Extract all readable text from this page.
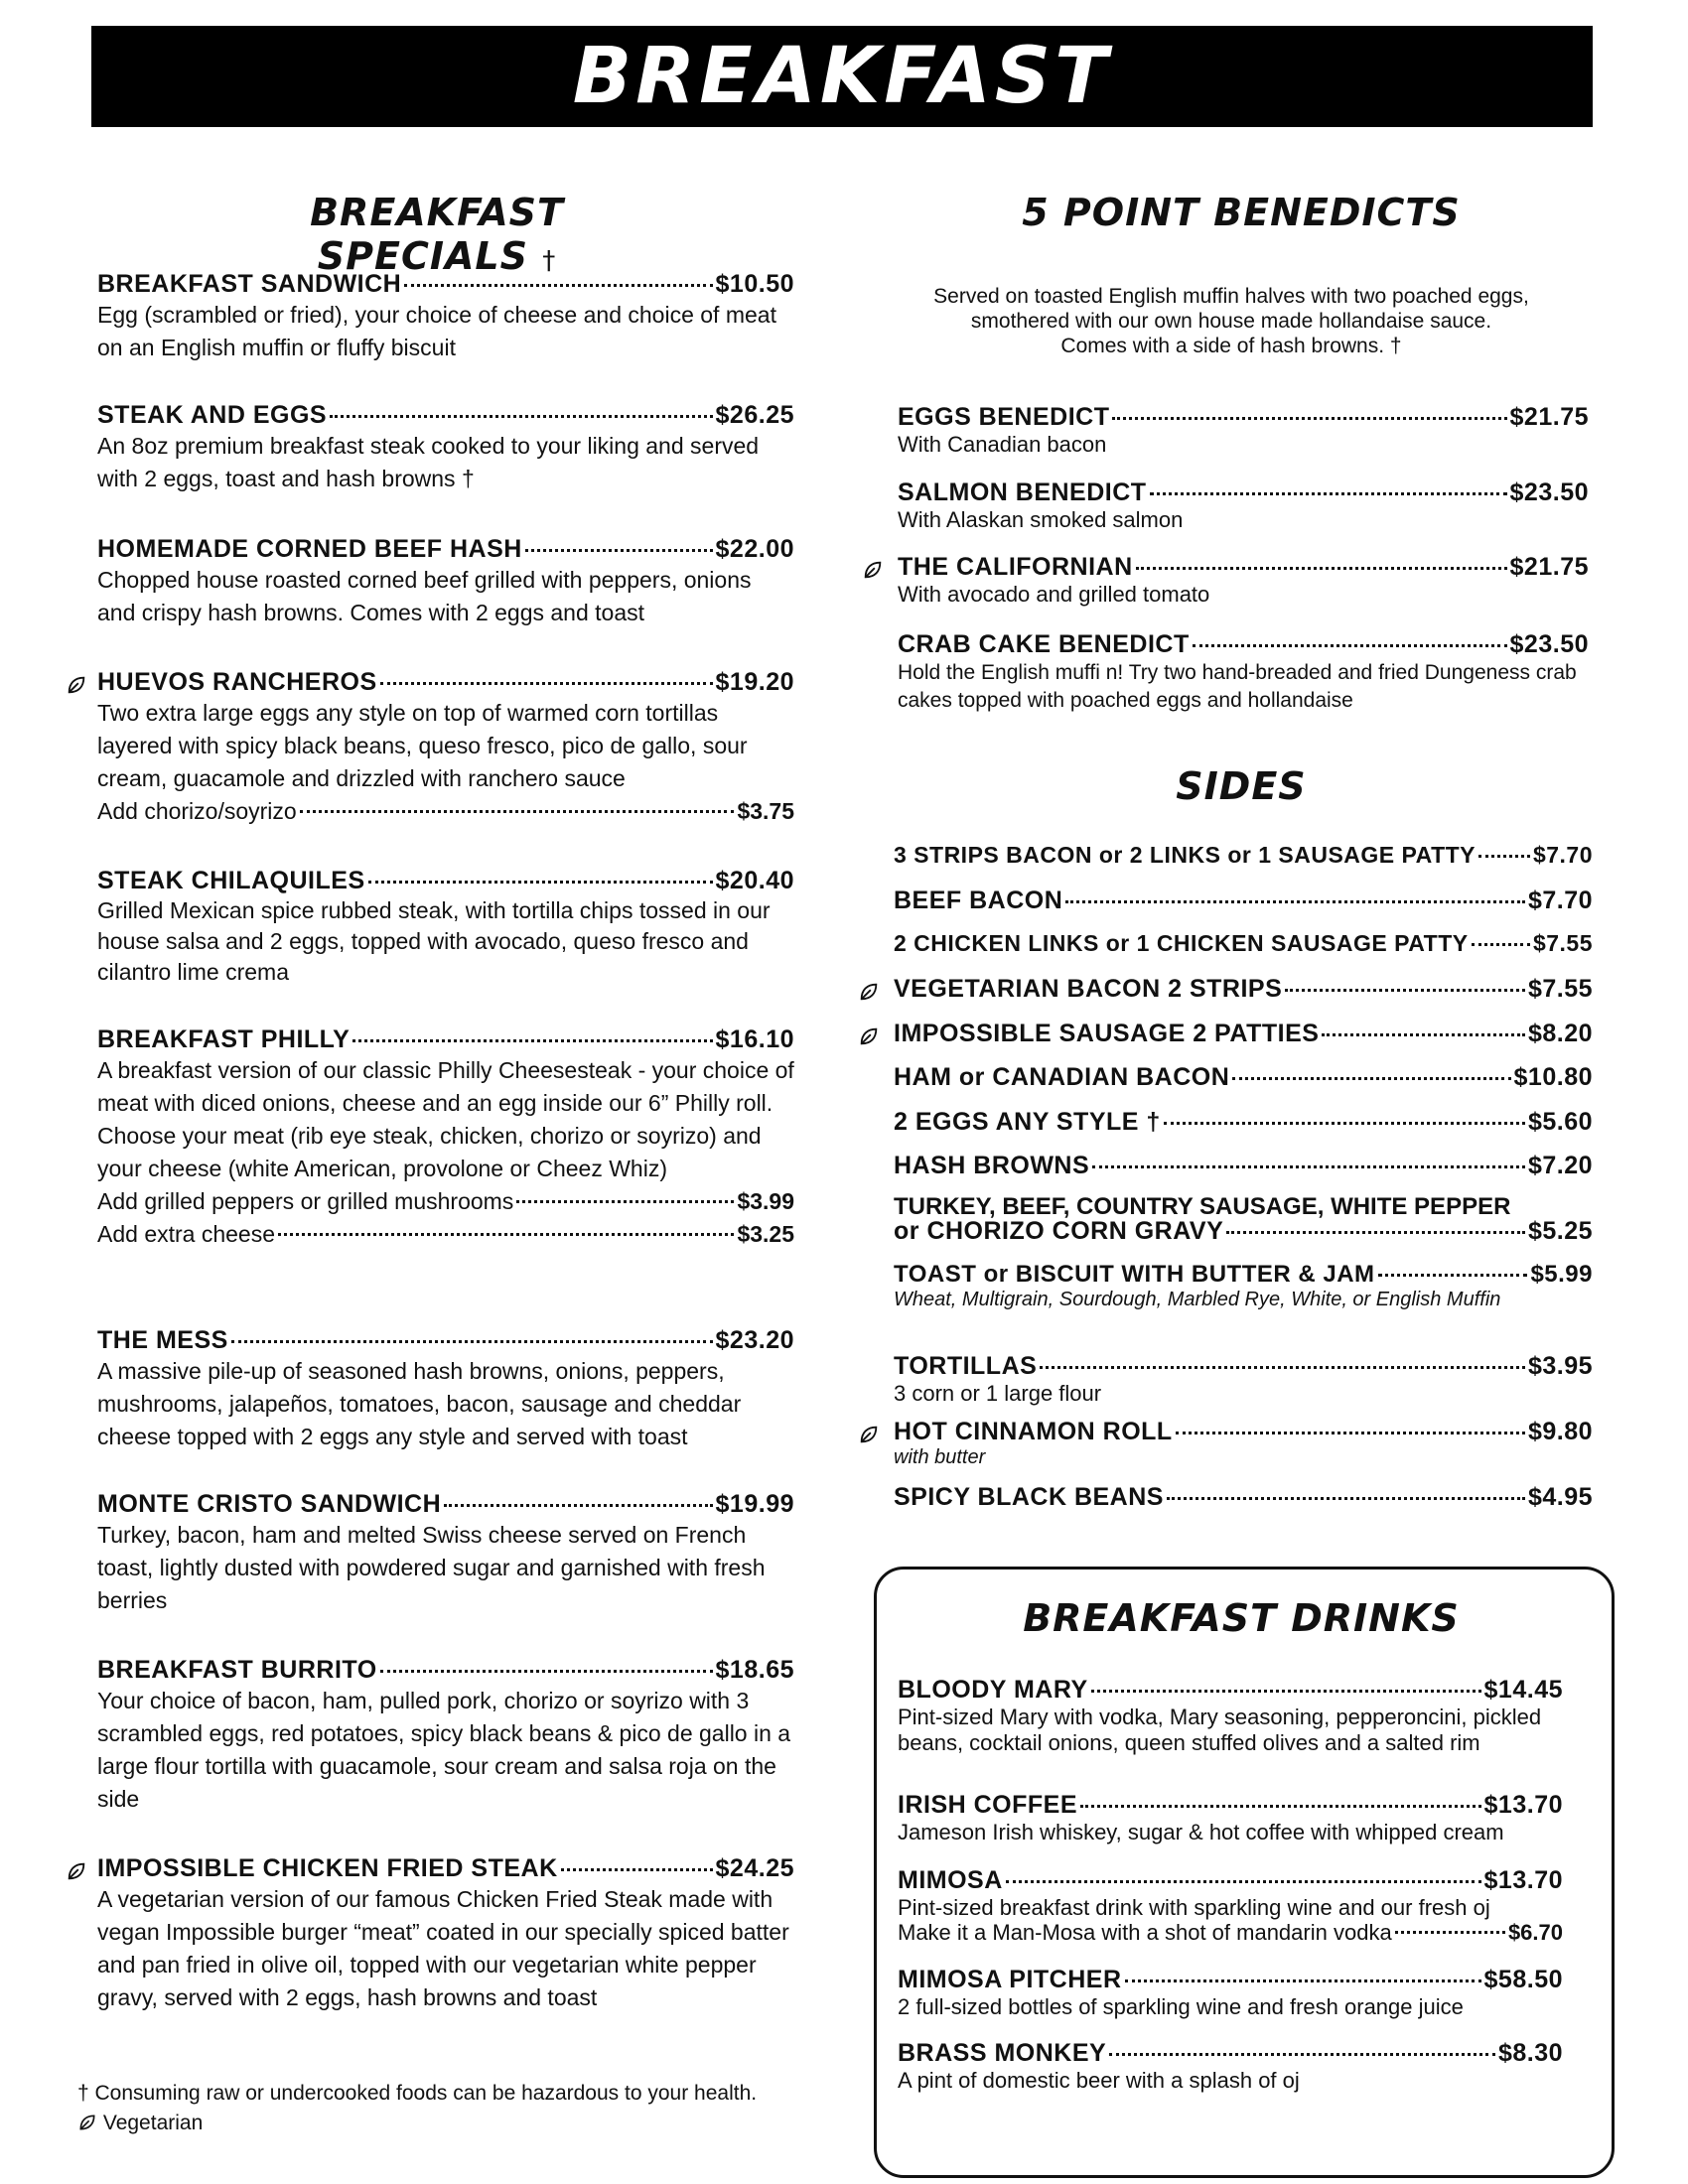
BREAKFAST
BREAKFAST SPECIALS †
5 POINT BENEDICTS
BREAKFAST SANDWICH	$10.50
Egg (scrambled or fried), your choice of cheese and choice of meat on an English muffin or fluffy biscuit
STEAK AND EGGS	$26.25
An 8oz premium breakfast steak cooked to your liking and served with 2 eggs, toast and hash browns †
HOMEMADE CORNED BEEF HASH	$22.00
Chopped house roasted corned beef grilled with peppers, onions and crispy hash browns. Comes with 2 eggs and toast
HUEVOS RANCHEROS	$19.20
Two extra large eggs any style on top of warmed corn tortillas layered with spicy black beans, queso fresco, pico de gallo, sour cream, guacamole and drizzled with ranchero sauce
Add chorizo/soyrizo	$3.75
STEAK CHILAQUILES	$20.40
Grilled Mexican spice rubbed steak, with tortilla chips tossed in our house salsa and 2 eggs, topped with avocado, queso fresco and cilantro lime crema
BREAKFAST PHILLY	$16.10
A breakfast version of our classic Philly Cheesesteak - your choice of meat with diced onions, cheese and an egg inside our 6” Philly roll. Choose your meat (rib eye steak, chicken, chorizo or soyrizo) and your cheese (white American, provolone or Cheez Whiz)
Add grilled peppers or grilled mushrooms	$3.99
Add extra cheese	$3.25
THE MESS	$23.20
A massive pile-up of seasoned hash browns, onions, peppers, mushrooms, jalapeños, tomatoes, bacon, sausage and cheddar cheese topped with 2 eggs any style and served with toast
MONTE CRISTO SANDWICH	$19.99
Turkey, bacon, ham and melted Swiss cheese served on French toast, lightly dusted with powdered sugar and garnished with fresh berries
BREAKFAST BURRITO	$18.65
Your choice of bacon, ham, pulled pork, chorizo or soyrizo with 3 scrambled eggs, red potatoes, spicy black beans & pico de gallo in a large flour tortilla with guacamole, sour cream and salsa roja on the side
IMPOSSIBLE CHICKEN FRIED STEAK	$24.25
A vegetarian version of our famous Chicken Fried Steak made with vegan Impossible burger “meat” coated in our specially spiced batter and pan fried in olive oil, topped with our vegetarian white pepper gravy, served with 2 eggs, hash browns and toast
† Consuming raw or undercooked foods can be hazardous to your health.
Vegetarian
Served on toasted English muffin halves with two poached eggs,
smothered with our own house made hollandaise sauce.
Comes with a side of hash browns. †
EGGS BENEDICT	$21.75
With Canadian bacon
SALMON BENEDICT	$23.50
With Alaskan smoked salmon
THE CALIFORNIAN	$21.75
With avocado and grilled tomato
CRAB CAKE BENEDICT	$23.50
Hold the English muffi n! Try two hand-breaded and fried Dungeness crab cakes topped with poached eggs and hollandaise
SIDES
3 STRIPS BACON or 2 LINKS or 1 SAUSAGE PATTY	$7.70
BEEF BACON	$7.70
2 CHICKEN LINKS or 1 CHICKEN SAUSAGE PATTY	$7.55
VEGETARIAN BACON 2 STRIPS	$7.55
IMPOSSIBLE SAUSAGE 2 PATTIES	$8.20
HAM or CANADIAN BACON	$10.80
2 EGGS ANY STYLE †	$5.60
HASH BROWNS	$7.20
TURKEY, BEEF, COUNTRY SAUSAGE, WHITE PEPPER
or CHORIZO CORN GRAVY	$5.25
TOAST or BISCUIT WITH BUTTER & JAM	$5.99
Wheat, Multigrain, Sourdough, Marbled Rye, White, or English Muffin
TORTILLAS	$3.95
3 corn or 1 large flour
HOT CINNAMON ROLL	$9.80
with butter
SPICY BLACK BEANS	$4.95
BREAKFAST DRINKS
BLOODY MARY	$14.45
Pint-sized Mary with vodka, Mary seasoning, pepperoncini, pickled beans, cocktail onions, queen stuffed olives and a salted rim
IRISH COFFEE	$13.70
Jameson Irish whiskey, sugar & hot coffee with whipped cream
MIMOSA	$13.70
Pint-sized breakfast drink with sparkling wine and our fresh oj
Make it a Man-Mosa with a shot of mandarin vodka	$6.70
MIMOSA PITCHER	$58.50
2 full-sized bottles of sparkling wine and fresh orange juice
BRASS MONKEY	$8.30
A pint of domestic beer with a splash of oj
